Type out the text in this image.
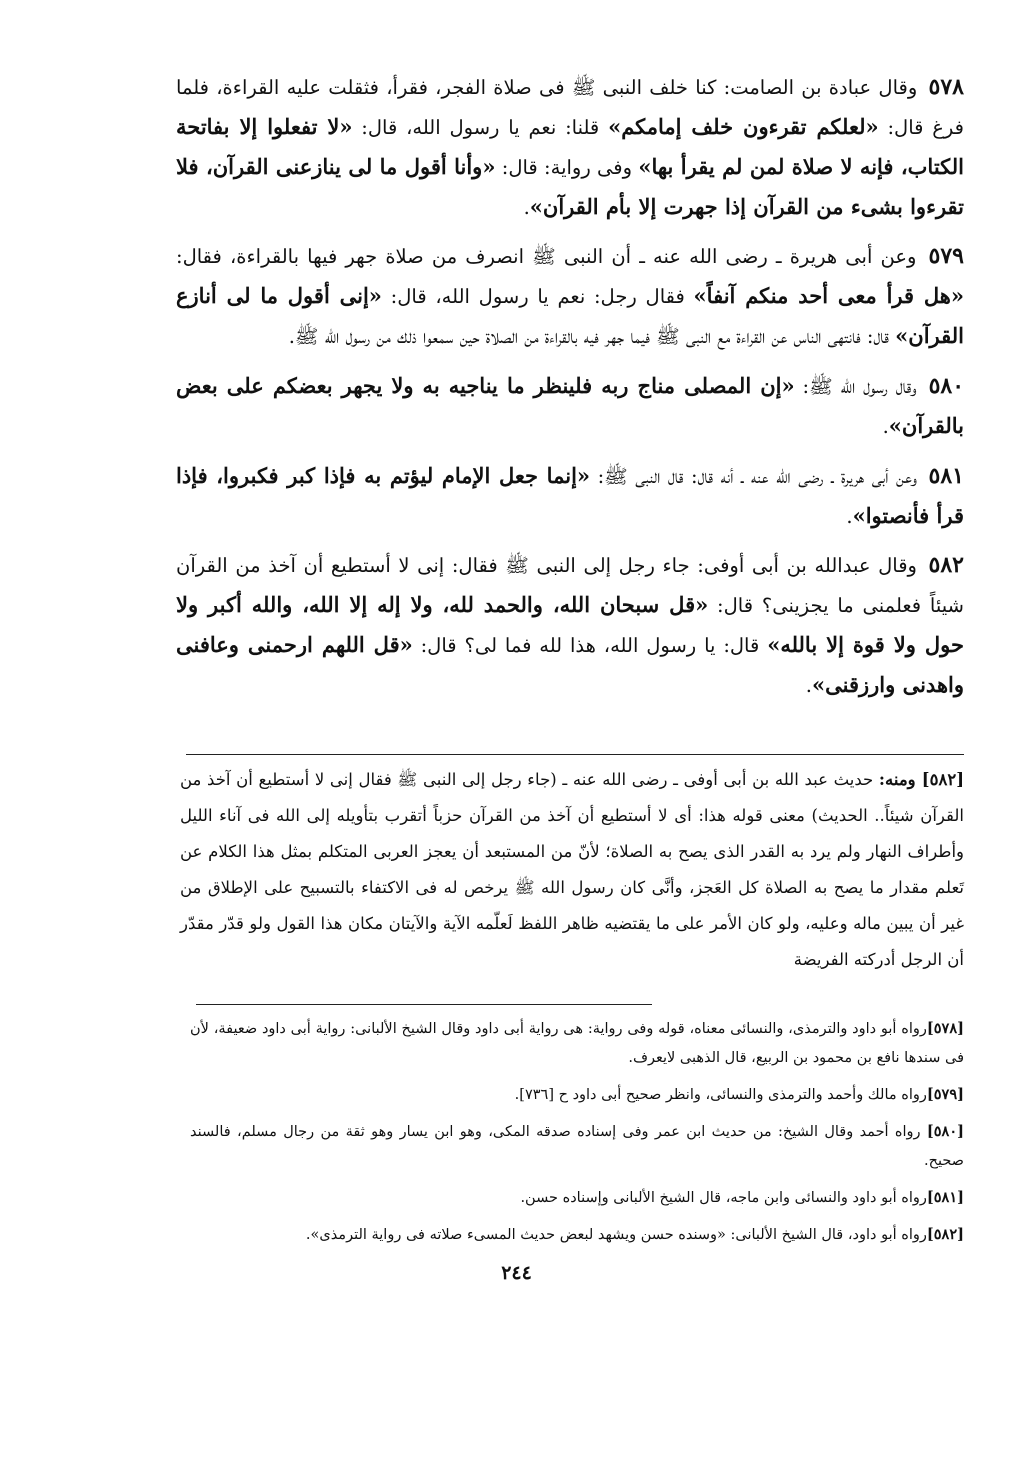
٥٧٨ وقال عبادة بن الصامت: كنا خلف النبى ﷺ فى صلاة الفجر، فقرأ، فثقلت عليه القراءة، فلما فرغ قال: «لعلكم تقرءون خلف إمامكم» قلنا: نعم يا رسول الله، قال: «لا تفعلوا إلا بفاتحة الكتاب، فإنه لا صلاة لمن لم يقرأ بها» وفى رواية: قال: «وأنا أقول ما لى ينازعنى القرآن، فلا تقرءوا بشىء من القرآن إذا جهرت إلا بأم القرآن».

٥٧٩ وعن أبى هريرة ـ رضى الله عنه ـ أن النبى ﷺ انصرف من صلاة جهر فيها بالقراءة، فقال: «هل قرأ معى أحد منكم آنفاً» فقال رجل: نعم يا رسول الله، قال: «إنى أقول ما لى أنازع القرآن» قال: فانتهى الناس عن القراءة مع النبى ﷺ فيما جهر فيه بالقراءة من الصلاة حين سمعوا ذلك من رسول الله ﷺ.

٥٨٠ وقال رسول الله ﷺ: «إن المصلى مناج ربه فلينظر ما يناجيه به ولا يجهر بعضكم على بعض بالقرآن».

٥٨١ وعن أبى هريرة ـ رضى الله عنه ـ أنه قال: قال النبى ﷺ: «إنما جعل الإمام ليؤتم به فإذا كبر فكبروا، فإذا قرأ فأنصتوا».

٥٨٢ وقال عبدالله بن أبى أوفى: جاء رجل إلى النبى ﷺ فقال: إنى لا أستطيع أن آخذ من القرآن شيئاً فعلمنى ما يجزينى؟ قال: «قل سبحان الله، والحمد لله، ولا إله إلا الله، والله أكبر ولا حول ولا قوة إلا بالله» قال: يا رسول الله، هذا لله فما لى؟ قال: «قل اللهم ارحمنى وعافنى واهدنى وارزقنى».

[٥٨٢] ومنه: حديث عبد الله بن أبى أوفى ـ رضى الله عنه ـ (جاء رجل إلى النبى ﷺ فقال إنى لا أستطيع أن آخذ من القرآن شيئاً.. الحديث) معنى قوله هذا: أى لا أستطيع أن آخذ من القرآن حزباً أتقرب بتأويله إلى الله فى آناء الليل وأطراف النهار ولم يرد به القدر الذى يصح به الصلاة؛ لأنّ من المستبعد أن يعجز العربى المتكلم بمثل هذا الكلام عن تَعلم مقدار ما يصح به الصلاة كل العَجز، وأنَّى كان رسول الله ﷺ يرخص له فى الاكتفاء بالتسبيح على الإطلاق من غير أن يبين ماله وعليه، ولو كان الأمر على ما يقتضيه ظاهر اللفظ لَعلّمه الآية والآيتان مكان هذا القول ولو قدّر مقدّر أن الرجل أدركته الفريضة

[٥٧٨]رواه أبو داود والترمذى، والنسائى معناه، قوله وفى رواية: هى رواية أبى داود وقال الشيخ الألبانى: رواية أبى داود ضعيفة، لأن فى سندها نافع بن محمود بن الربيع، قال الذهبى لايعرف.

[٥٧٩]رواه مالك وأحمد والترمذى والنسائى، وانظر صحيح أبى داود ح [٧٣٦].

[٥٨٠] رواه أحمد وقال الشيخ: من حديث ابن عمر وفى إسناده صدقه المكى، وهو ابن يسار وهو ثقة من رجال مسلم، فالسند صحيح.

[٥٨١]رواه أبو داود والنسائى وابن ماجه، قال الشيخ الألبانى وإسناده حسن.

[٥٨٢]رواه أبو داود، قال الشيخ الألبانى: «وسنده حسن ويشهد لبعض حديث المسىء صلاته فى رواية الترمذى».

٢٤٤
